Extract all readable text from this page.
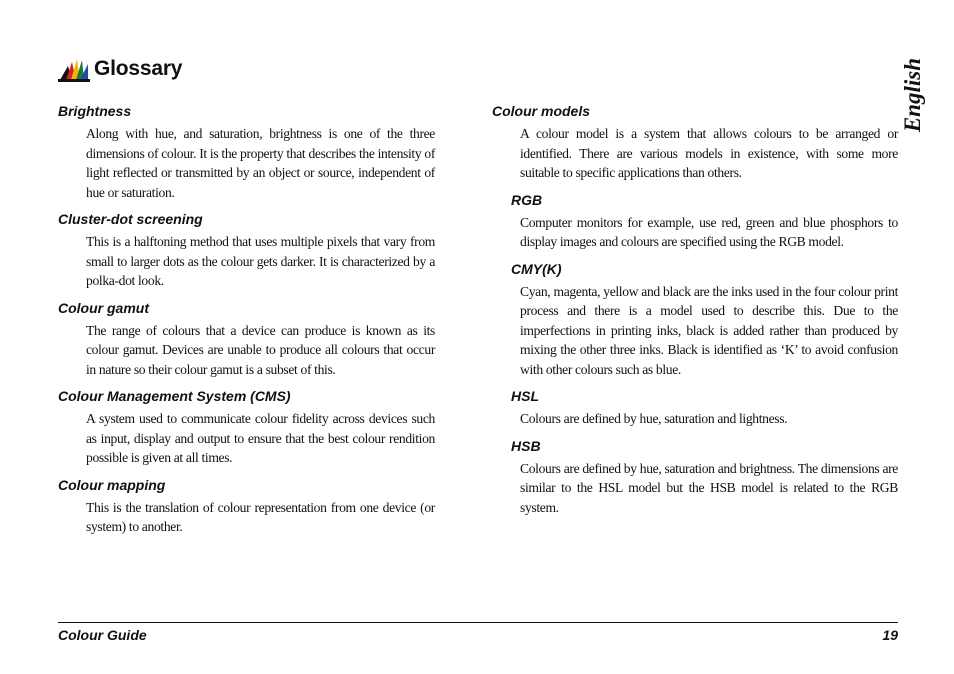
Glossary	English

Brightness

Along with hue, and saturation, brightness is one of the three dimensions of colour. It is the property that describes the intensity of light reflected or transmitted by an object or source, independent of hue or saturation.

Cluster-dot screening

This is a halftoning method that uses multiple pixels that vary from small to larger dots as the colour gets darker. It is characterized by a polka-dot look.

Colour gamut

The range of colours that a device can produce is known as its colour gamut. Devices are unable to produce all colours that occur in nature so their colour gamut is a subset of this.

Colour Management System (CMS)

A system used to communicate colour fidelity across devices such as input, display and output to ensure that the best colour rendition possible is given at all times.

Colour mapping

This is the translation of colour representation from one device (or system) to another.

Colour models

A colour model is a system that allows colours to be arranged or identified. There are various models in existence, with some more suitable to specific applications than others.

RGB

Computer monitors for example, use red, green and blue phosphors to display images and colours are specified using the RGB model.

CMY(K)

Cyan, magenta, yellow and black are the inks used in the four colour print process and there is a model used to describe this. Due to the imperfections in printing inks, black is added rather than produced by mixing the other three inks. Black is identified as ‘K’ to avoid confusion with other colours such as blue.

HSL

Colours are defined by hue, saturation and lightness.

HSB

Colours are defined by hue, saturation and brightness. The dimensions are similar to the HSL model but the HSB model is related to the RGB system.

Colour Guide	19
